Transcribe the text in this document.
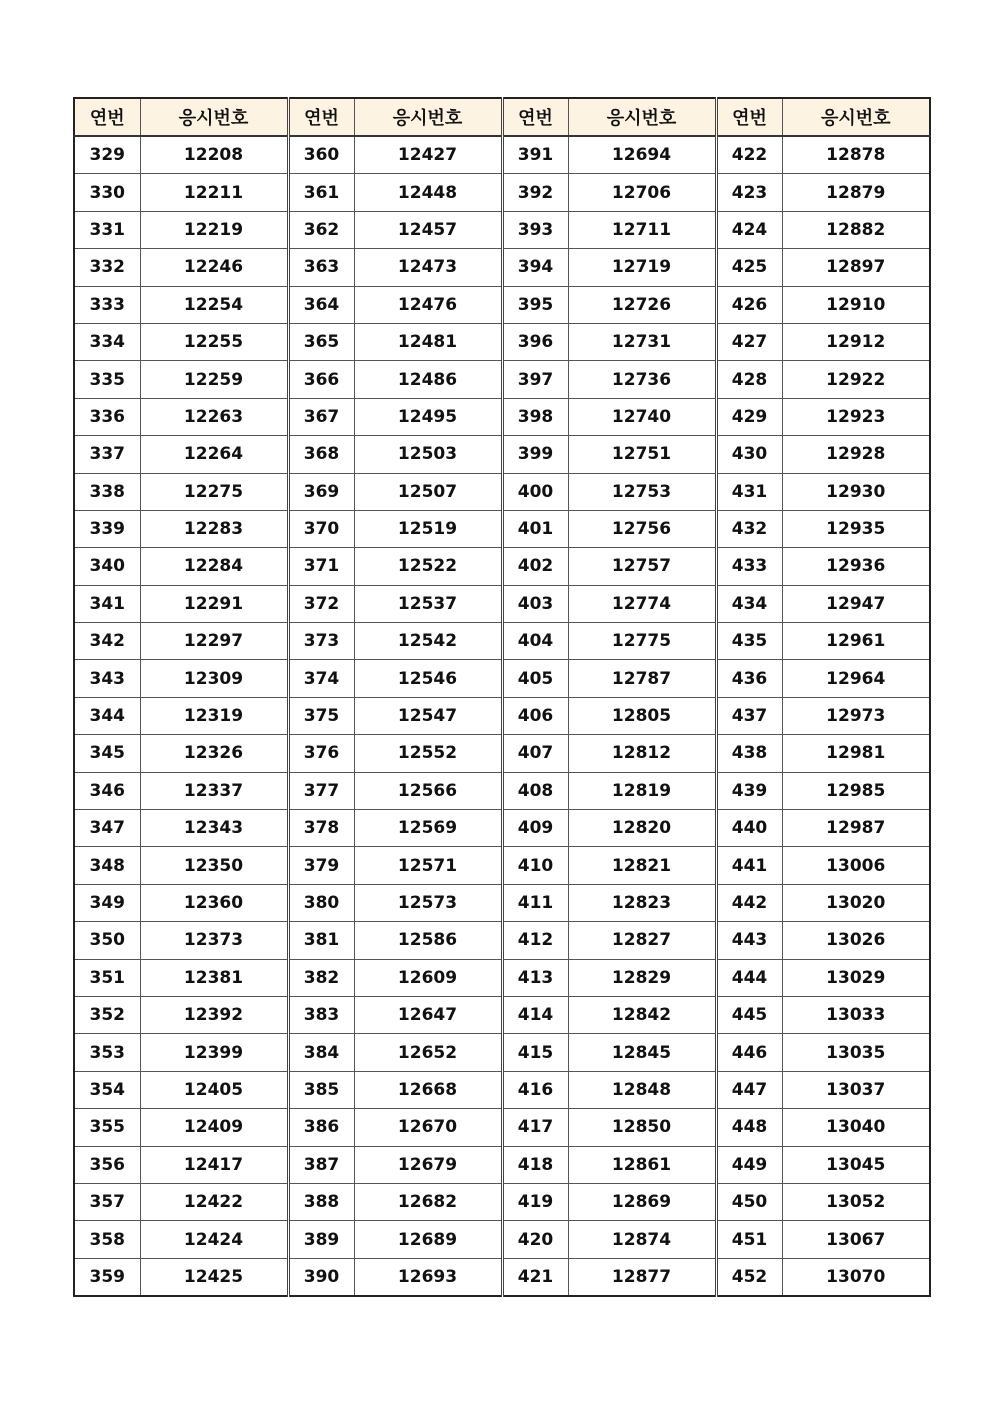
연번	응시번호	연번	응시번호	연번	응시번호	연번	응시번호
329	12208	360	12427	391	12694	422	12878
330	12211	361	12448	392	12706	423	12879
331	12219	362	12457	393	12711	424	12882
332	12246	363	12473	394	12719	425	12897
333	12254	364	12476	395	12726	426	12910
334	12255	365	12481	396	12731	427	12912
335	12259	366	12486	397	12736	428	12922
336	12263	367	12495	398	12740	429	12923
337	12264	368	12503	399	12751	430	12928
338	12275	369	12507	400	12753	431	12930
339	12283	370	12519	401	12756	432	12935
340	12284	371	12522	402	12757	433	12936
341	12291	372	12537	403	12774	434	12947
342	12297	373	12542	404	12775	435	12961
343	12309	374	12546	405	12787	436	12964
344	12319	375	12547	406	12805	437	12973
345	12326	376	12552	407	12812	438	12981
346	12337	377	12566	408	12819	439	12985
347	12343	378	12569	409	12820	440	12987
348	12350	379	12571	410	12821	441	13006
349	12360	380	12573	411	12823	442	13020
350	12373	381	12586	412	12827	443	13026
351	12381	382	12609	413	12829	444	13029
352	12392	383	12647	414	12842	445	13033
353	12399	384	12652	415	12845	446	13035
354	12405	385	12668	416	12848	447	13037
355	12409	386	12670	417	12850	448	13040
356	12417	387	12679	418	12861	449	13045
357	12422	388	12682	419	12869	450	13052
358	12424	389	12689	420	12874	451	13067
359	12425	390	12693	421	12877	452	13070
